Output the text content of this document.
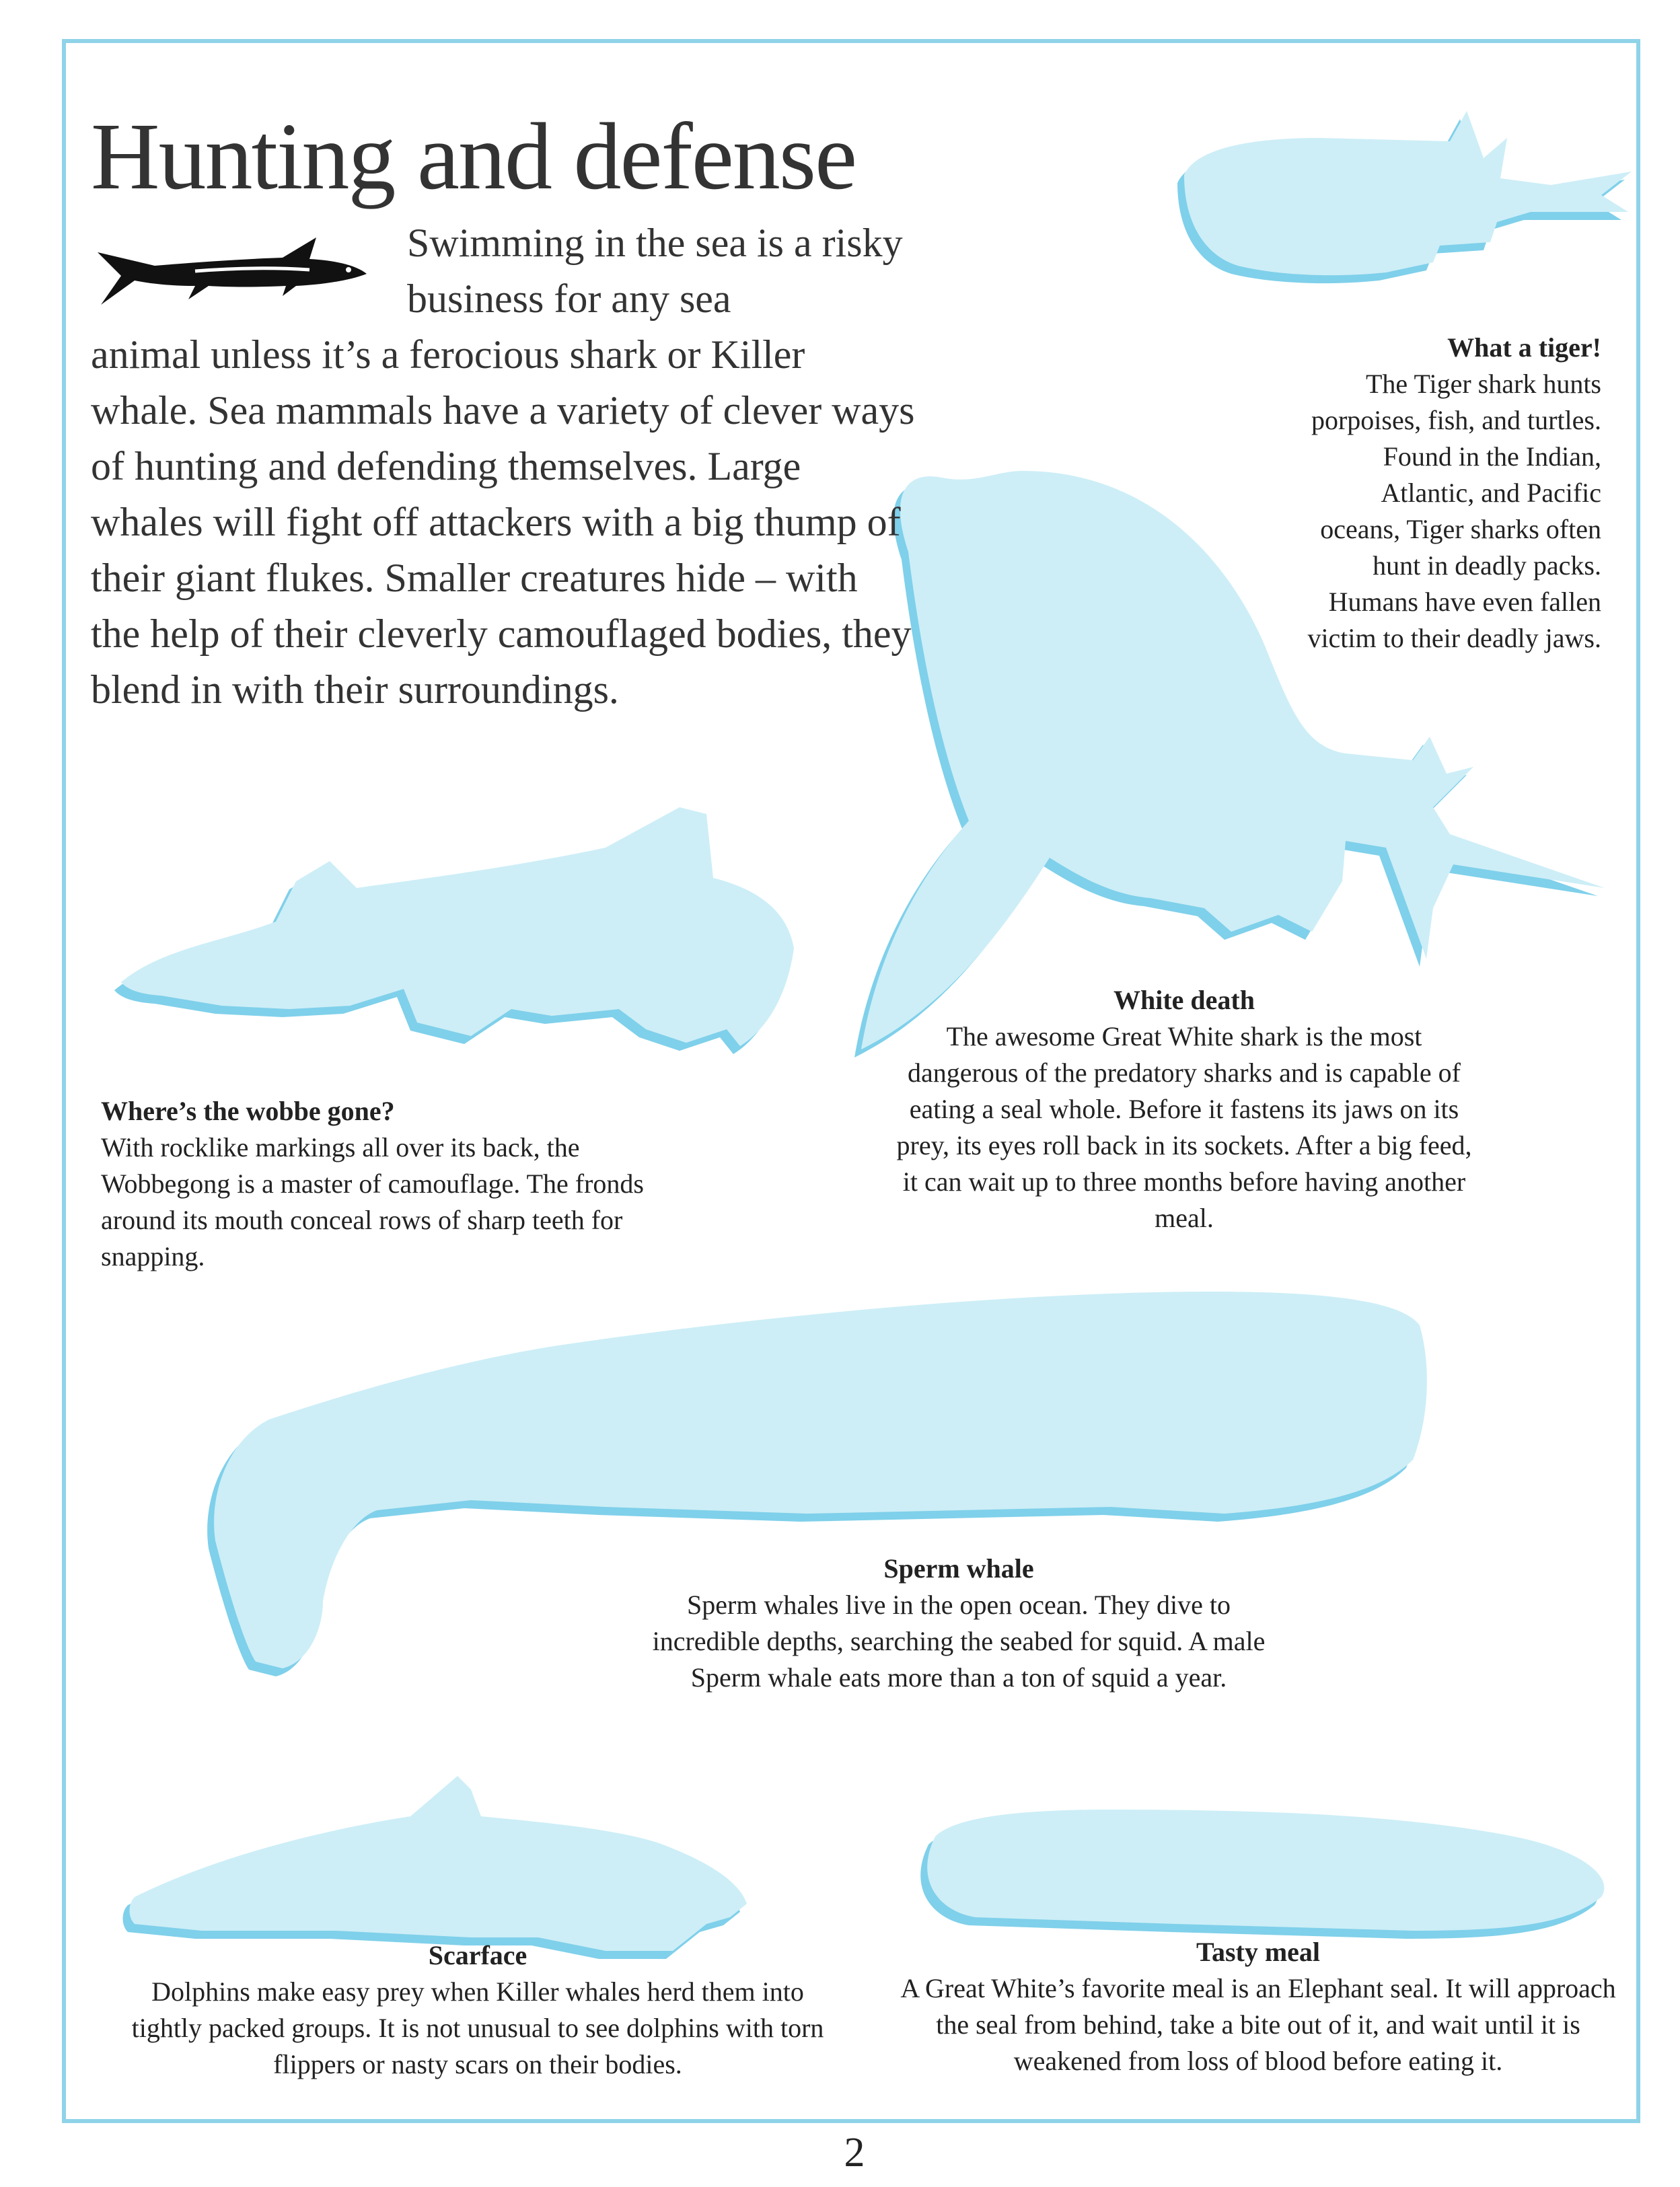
Hunting and defense
Swimming in the sea is a risky business for any sea
animal unless it’s a ferocious shark or Killer whale. Sea mammals have a variety of clever ways of hunting and defending themselves. Large whales will fight off attackers with a big thump of their giant flukes. Smaller creatures hide – with the help of their cleverly camouflaged bodies, they blend in with their surroundings.
What a tiger!
The Tiger shark hunts porpoises, fish, and turtles. Found in the Indian, Atlantic, and Pacific oceans, Tiger sharks often hunt in deadly packs. Humans have even fallen victim to their deadly jaws.
White death
The awesome Great White shark is the most dangerous of the predatory sharks and is capable of eating a seal whole. Before it fastens its jaws on its prey, its eyes roll back in its sockets. After a big feed, it can wait up to three months before having another meal.
Where’s the wobbe gone?
With rocklike markings all over its back, the Wobbegong is a master of camouflage. The fronds around its mouth conceal rows of sharp teeth for snapping.
Sperm whale
Sperm whales live in the open ocean. They dive to incredible depths, searching the seabed for squid. A male Sperm whale eats more than a ton of squid a year.
Scarface
Dolphins make easy prey when Killer whales herd them into tightly packed groups. It is not unusual to see dolphins with torn flippers or nasty scars on their bodies.
Tasty meal
A Great White’s favorite meal is an Elephant seal. It will approach the seal from behind, take a bite out of it, and wait until it is weakened from loss of blood before eating it.
2
